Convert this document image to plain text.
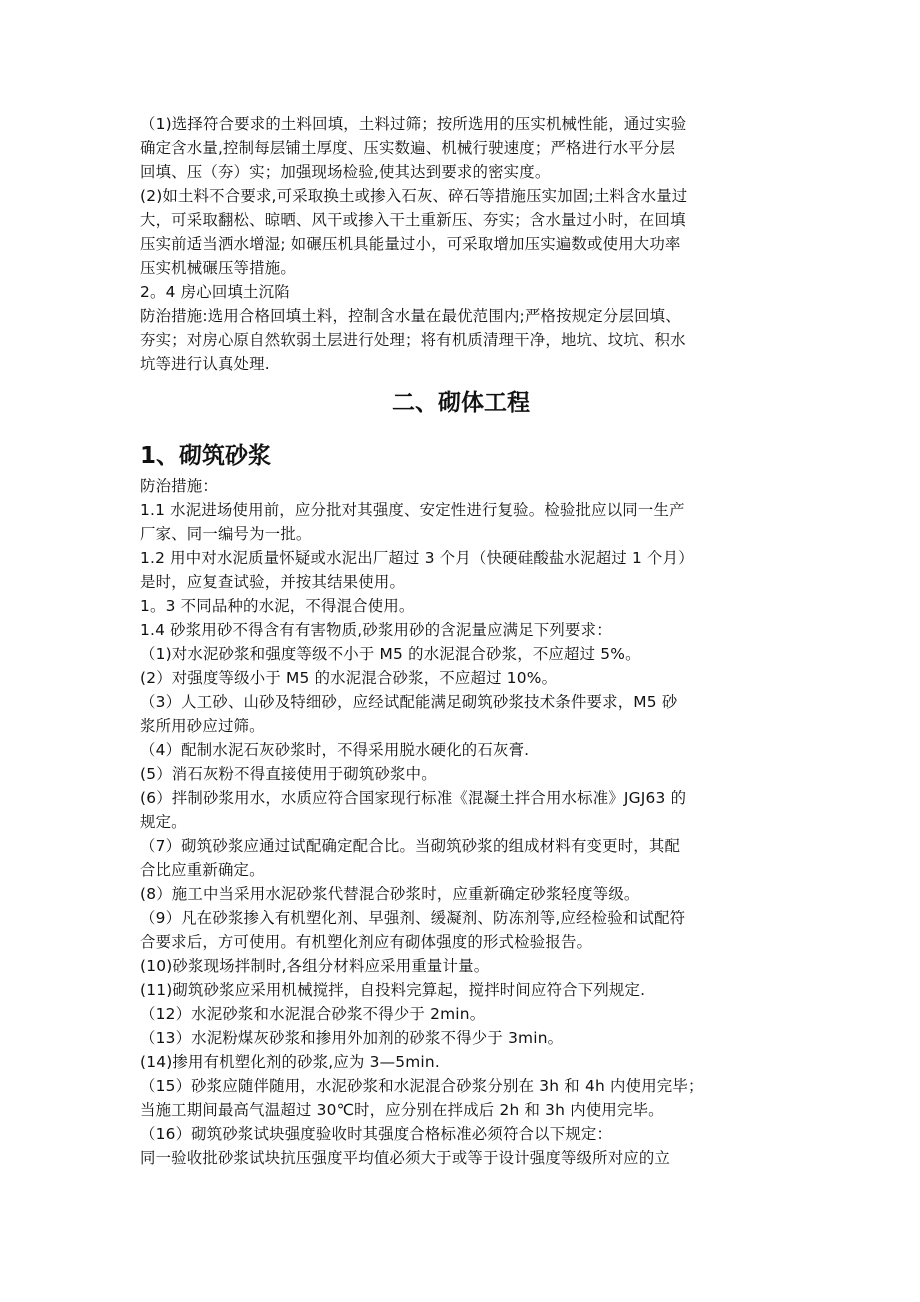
（1)选择符合要求的土料回填，土料过筛；按所选用的压实机械性能，通过实验
确定含水量,控制每层铺土厚度、压实数遍、机械行驶速度；严格进行水平分层
回填、压（夯）实；加强现场检验,使其达到要求的密实度。
(2)如土料不合要求,可采取换土或掺入石灰、碎石等措施压实加固;土料含水量过
大，可采取翻松、晾晒、风干或掺入干土重新压、夯实；含水量过小时，在回填
压实前适当洒水增湿; 如碾压机具能量过小，可采取增加压实遍数或使用大功率
压实机械碾压等措施。
2。4 房心回填土沉陷
防治措施:选用合格回填土料，控制含水量在最优范围内;严格按规定分层回填、
夯实；对房心原自然软弱土层进行处理；将有机质清理干净，地坑、坟坑、积水
坑等进行认真处理.
二、砌体工程
1、砌筑砂浆
防治措施：
1.1 水泥进场使用前，应分批对其强度、安定性进行复验。检验批应以同一生产
厂家、同一编号为一批。
1.2 用中对水泥质量怀疑或水泥出厂超过 3 个月（快硬硅酸盐水泥超过 1 个月）
是时，应复查试验，并按其结果使用。
1。3 不同品种的水泥，不得混合使用。
1.4 砂浆用砂不得含有有害物质,砂浆用砂的含泥量应满足下列要求：
（1)对水泥砂浆和强度等级不小于 M5 的水泥混合砂浆，不应超过 5%。
(2）对强度等级小于 M5 的水泥混合砂浆，不应超过 10%。
（3）人工砂、山砂及特细砂，应经试配能满足砌筑砂浆技术条件要求，M5 砂
浆所用砂应过筛。
（4）配制水泥石灰砂浆时，不得采用脱水硬化的石灰膏.
(5）消石灰粉不得直接使用于砌筑砂浆中。
(6）拌制砂浆用水，水质应符合国家现行标准《混凝土拌合用水标准》JGJ63 的
规定。
（7）砌筑砂浆应通过试配确定配合比。当砌筑砂浆的组成材料有变更时，其配
合比应重新确定。
(8）施工中当采用水泥砂浆代替混合砂浆时，应重新确定砂浆轻度等级。
（9）凡在砂浆掺入有机塑化剂、早强剂、缓凝剂、防冻剂等,应经检验和试配符
合要求后，方可使用。有机塑化剂应有砌体强度的形式检验报告。
(10)砂浆现场拌制时,各组分材料应采用重量计量。
(11)砌筑砂浆应采用机械搅拌，自投料完算起，搅拌时间应符合下列规定.
（12）水泥砂浆和水泥混合砂浆不得少于 2min。
（13）水泥粉煤灰砂浆和掺用外加剂的砂浆不得少于 3min。
(14)掺用有机塑化剂的砂浆,应为 3—5min.
（15）砂浆应随伴随用，水泥砂浆和水泥混合砂浆分别在 3h 和 4h 内使用完毕；
当施工期间最高气温超过 30℃时，应分别在拌成后 2h 和 3h 内使用完毕。
（16）砌筑砂浆试块强度验收时其强度合格标准必须符合以下规定：
同一验收批砂浆试块抗压强度平均值必须大于或等于设计强度等级所对应的立
